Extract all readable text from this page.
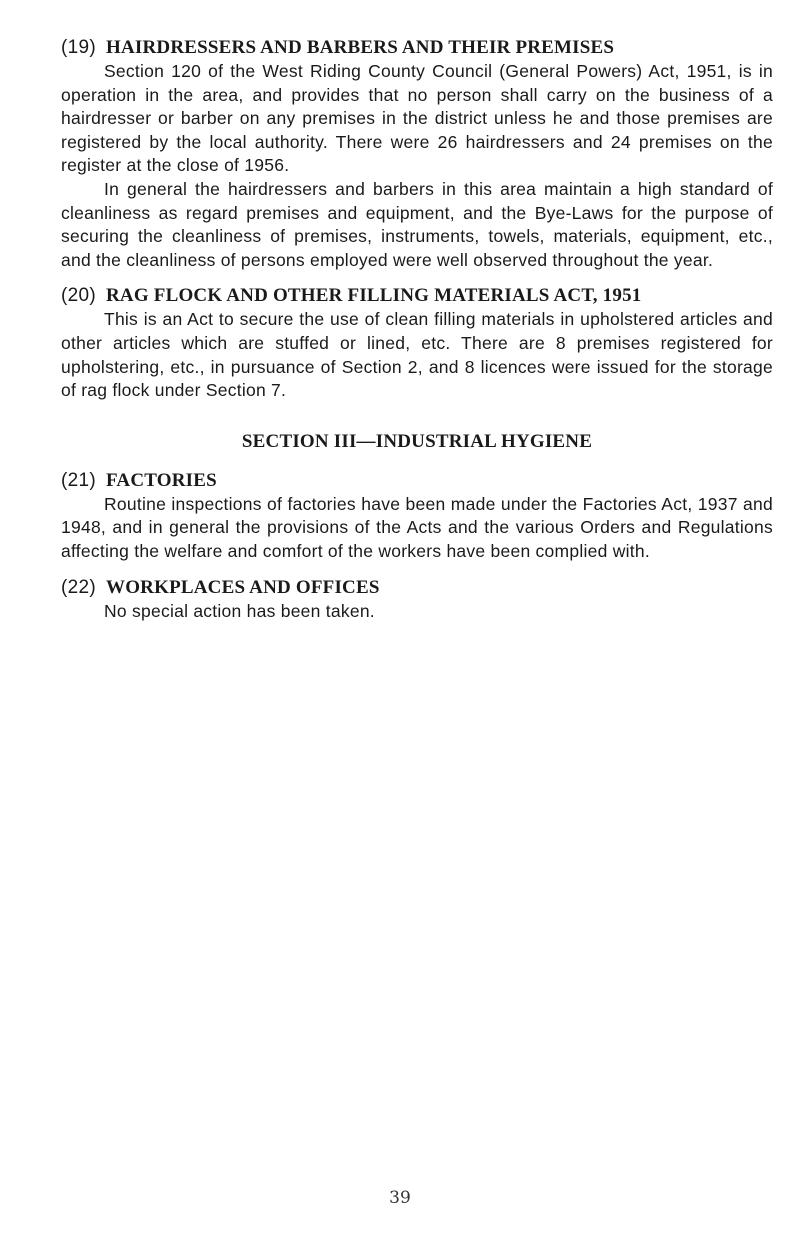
(19) HAIRDRESSERS AND BARBERS AND THEIR PREMISES

Section 120 of the West Riding County Council (General Powers) Act, 1951, is in operation in the area, and provides that no person shall carry on the business of a hairdresser or barber on any premises in the district unless he and those premises are registered by the local authority. There were 26 hairdressers and 24 premises on the register at the close of 1956.

In general the hairdressers and barbers in this area maintain a high standard of cleanliness as regard premises and equipment, and the Bye-Laws for the purpose of securing the cleanliness of premises, instruments, towels, materials, equipment, etc., and the cleanliness of persons employed were well observed throughout the year.

(20) RAG FLOCK AND OTHER FILLING MATERIALS ACT, 1951

This is an Act to secure the use of clean filling materials in upholstered articles and other articles which are stuffed or lined, etc. There are 8 premises registered for upholstering, etc., in pursuance of Section 2, and 8 licences were issued for the storage of rag flock under Section 7.

SECTION III—INDUSTRIAL HYGIENE
(21) FACTORIES

Routine inspections of factories have been made under the Factories Act, 1937 and 1948, and in general the provisions of the Acts and the various Orders and Regulations affecting the welfare and comfort of the workers have been complied with.

(22) WORKPLACES AND OFFICES

No special action has been taken.

39
